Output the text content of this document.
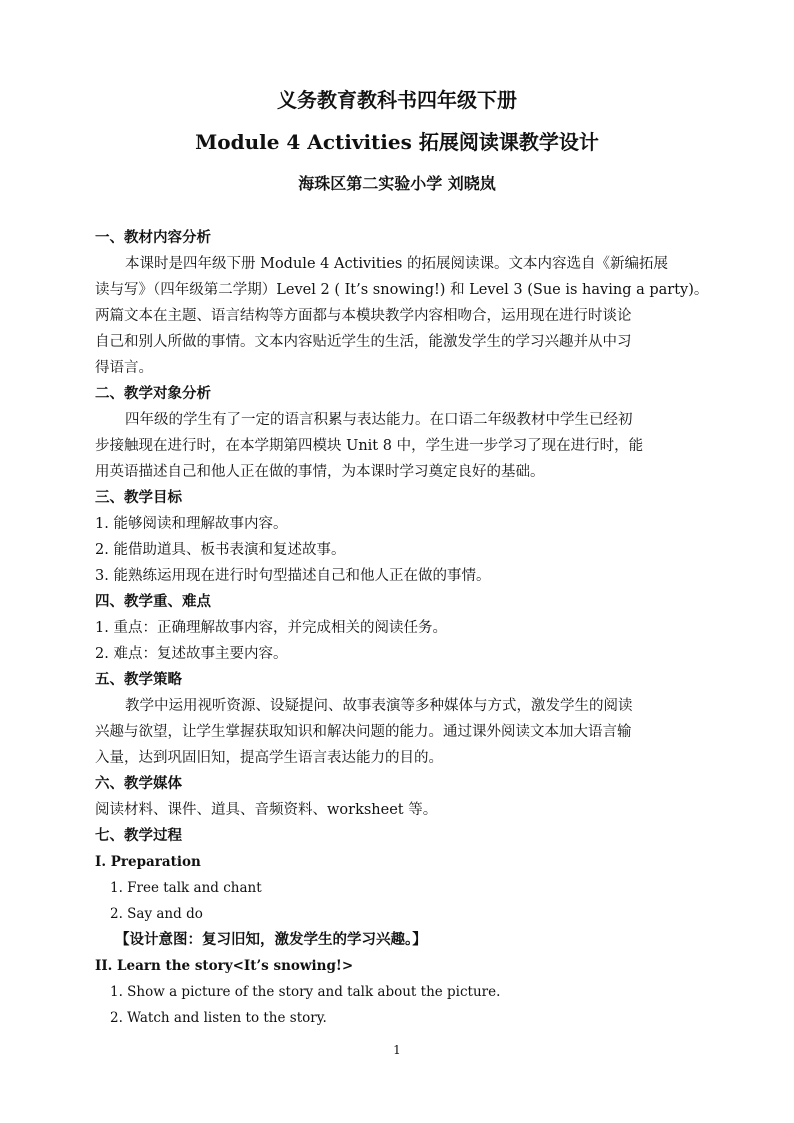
义务教育教科书四年级下册
Module 4 Activities 拓展阅读课教学设计
海珠区第二实验小学 刘晓岚
一、教材内容分析
本课时是四年级下册 Module 4 Activities 的拓展阅读课。文本内容选自《新编拓展
读与写》（四年级第二学期）Level 2 ( It’s snowing!) 和 Level 3 (Sue is having a party)。
两篇文本在主题、语言结构等方面都与本模块教学内容相吻合，运用现在进行时谈论
自己和别人所做的事情。文本内容贴近学生的生活，能激发学生的学习兴趣并从中习
得语言。
二、教学对象分析
四年级的学生有了一定的语言积累与表达能力。在口语二年级教材中学生已经初
步接触现在进行时，在本学期第四模块 Unit 8 中，学生进一步学习了现在进行时，能
用英语描述自己和他人正在做的事情，为本课时学习奠定良好的基础。
三、教学目标
1. 能够阅读和理解故事内容。
2. 能借助道具、板书表演和复述故事。
3. 能熟练运用现在进行时句型描述自己和他人正在做的事情。
四、教学重、难点
1. 重点：正确理解故事内容，并完成相关的阅读任务。
2. 难点：复述故事主要内容。
五、教学策略
教学中运用视听资源、设疑提问、故事表演等多种媒体与方式，激发学生的阅读
兴趣与欲望，让学生掌握获取知识和解决问题的能力。通过课外阅读文本加大语言输
入量，达到巩固旧知，提高学生语言表达能力的目的。
六、教学媒体
阅读材料、课件、道具、音频资料、worksheet 等。
七、教学过程
I. Preparation
1. Free talk and chant
2. Say and do
【设计意图：复习旧知，激发学生的学习兴趣。】
II. Learn the story<It’s snowing!>
1. Show a picture of the story and talk about the picture.
2. Watch and listen to the story.
1
